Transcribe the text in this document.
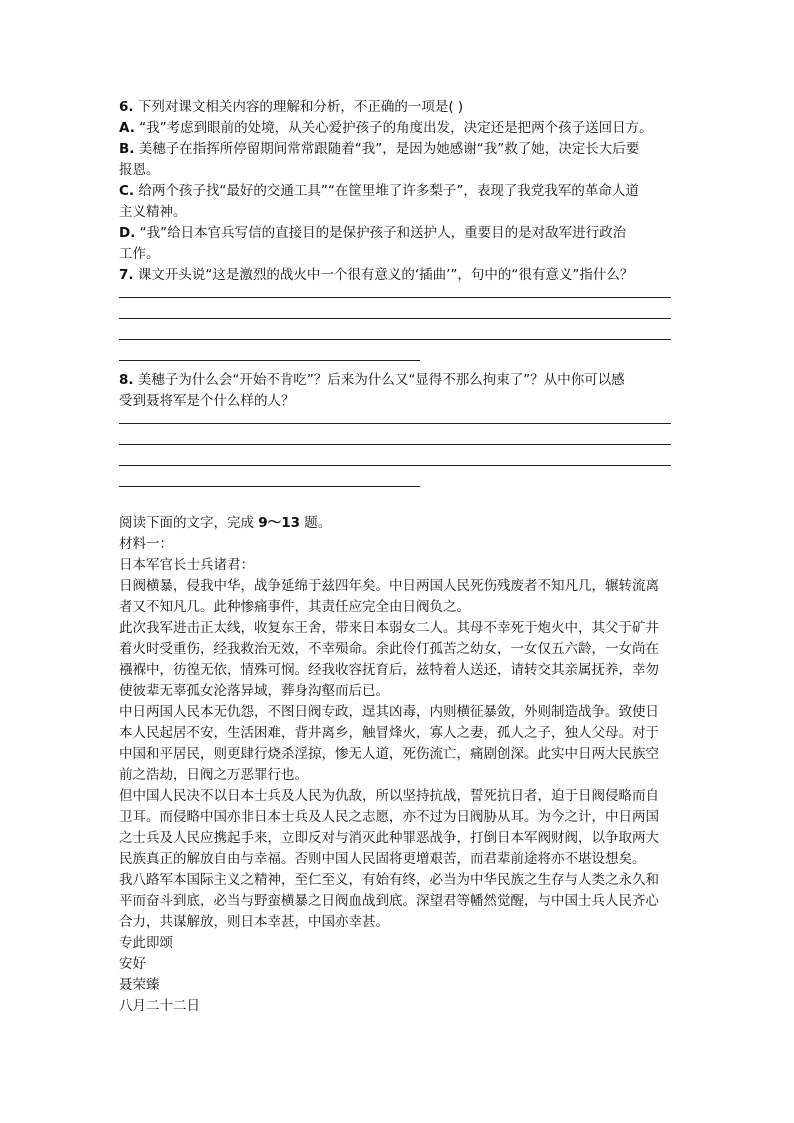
6. 下列对课文相关内容的理解和分析，不正确的一项是( )
A. “我”考虑到眼前的处境，从关心爱护孩子的角度出发，决定还是把两个孩子送回日方。
B. 美穗子在指挥所停留期间常常跟随着“我”，是因为她感谢“我”救了她，决定长大后要
报恩。
C. 给两个孩子找“最好的交通工具”“在筐里堆了许多梨子”，表现了我党我军的革命人道
主义精神。
D. “我”给日本官兵写信的直接目的是保护孩子和送护人，重要目的是对敌军进行政治
工作。
7. 课文开头说“这是激烈的战火中一个很有意义的‘插曲’”，句中的“很有意义”指什么？
8. 美穗子为什么会“开始不肯吃”？后来为什么又“显得不那么拘束了”？从中你可以感
受到聂将军是个什么样的人？
阅读下面的文字，完成 9～13 题。
材料一：
日本军官长士兵诸君：
日阀横暴，侵我中华，战争延绵于兹四年矣。中日两国人民死伤残废者不知凡几，辗转流离
者又不知凡几。此种惨痛事件，其责任应完全由日阀负之。
此次我军进击正太线，收复东王舍，带来日本弱女二人。其母不幸死于炮火中，其父于矿井
着火时受重伤，经我救治无效，不幸殒命。余此伶仃孤苦之幼女，一女仅五六龄，一女尚在
襁褓中，彷徨无依，情殊可悯。经我收容抚育后，兹特着人送还，请转交其亲属抚养，幸勿
使彼辈无辜孤女沦落异域，葬身沟壑而后已。
中日两国人民本无仇怨，不图日阀专政，逞其凶毒，内则横征暴敛，外则制造战争。致使日
本人民起居不安，生活困难，背井离乡，触冒烽火，寡人之妻，孤人之子，独人父母。对于
中国和平居民，则更肆行烧杀淫掠，惨无人道，死伤流亡，痛剧创深。此实中日两大民族空
前之浩劫，日阀之万恶罪行也。
但中国人民决不以日本士兵及人民为仇敌，所以坚持抗战，誓死抗日者，迫于日阀侵略而自
卫耳。而侵略中国亦非日本士兵及人民之志愿，亦不过为日阀胁从耳。为今之计，中日两国
之士兵及人民应携起手来，立即反对与消灭此种罪恶战争，打倒日本军阀财阀，以争取两大
民族真正的解放自由与幸福。否则中国人民固将更增艰苦，而君辈前途将亦不堪设想矣。
我八路军本国际主义之精神，至仁至义，有始有终，必当为中华民族之生存与人类之永久和
平而奋斗到底，必当与野蛮横暴之日阀血战到底。深望君等幡然觉醒，与中国士兵人民齐心
合力，共谋解放，则日本幸甚，中国亦幸甚。
专此即颂
安好
聂荣臻
八月二十二日
